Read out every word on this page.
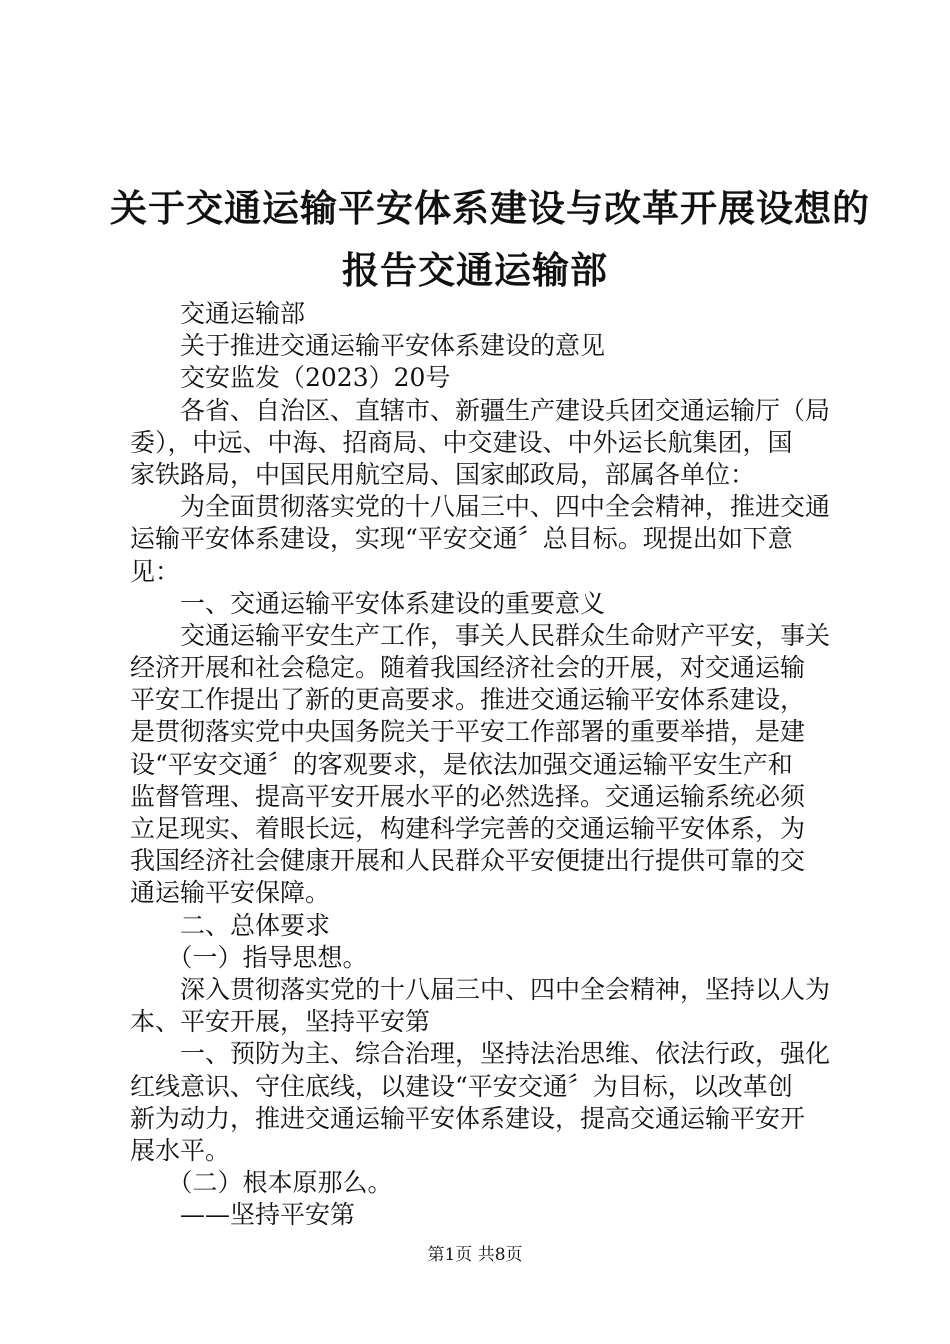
关于交通运输平安体系建设与改革开展设想的
报告交通运输部
　　交通运输部
　　关于推进交通运输平安体系建设的意见
　　交安监发（2023）20号
　　各省、自治区、直辖市、新疆生产建设兵团交通运输厅（局
委），中远、中海、招商局、中交建设、中外运长航集团，国
家铁路局，中国民用航空局、国家邮政局，部属各单位：
　　为全面贯彻落实党的十八届三中、四中全会精神，推进交通
运输平安体系建设，实现“平安交通〞总目标。现提出如下意
见：
　　一、交通运输平安体系建设的重要意义
　　交通运输平安生产工作，事关人民群众生命财产平安，事关
经济开展和社会稳定。随着我国经济社会的开展，对交通运输
平安工作提出了新的更高要求。推进交通运输平安体系建设，
是贯彻落实党中央国务院关于平安工作部署的重要举措，是建
设“平安交通〞的客观要求，是依法加强交通运输平安生产和
监督管理、提高平安开展水平的必然选择。交通运输系统必须
立足现实、着眼长远，构建科学完善的交通运输平安体系，为
我国经济社会健康开展和人民群众平安便捷出行提供可靠的交
通运输平安保障。
　　二、总体要求
　　（一）指导思想。
　　深入贯彻落实党的十八届三中、四中全会精神，坚持以人为
本、平安开展，坚持平安第
　　一、预防为主、综合治理，坚持法治思维、依法行政，强化
红线意识、守住底线，以建设“平安交通〞为目标，以改革创
新为动力，推进交通运输平安体系建设，提高交通运输平安开
展水平。
　　（二）根本原那么。
　　——坚持平安第
第1页 共8页
